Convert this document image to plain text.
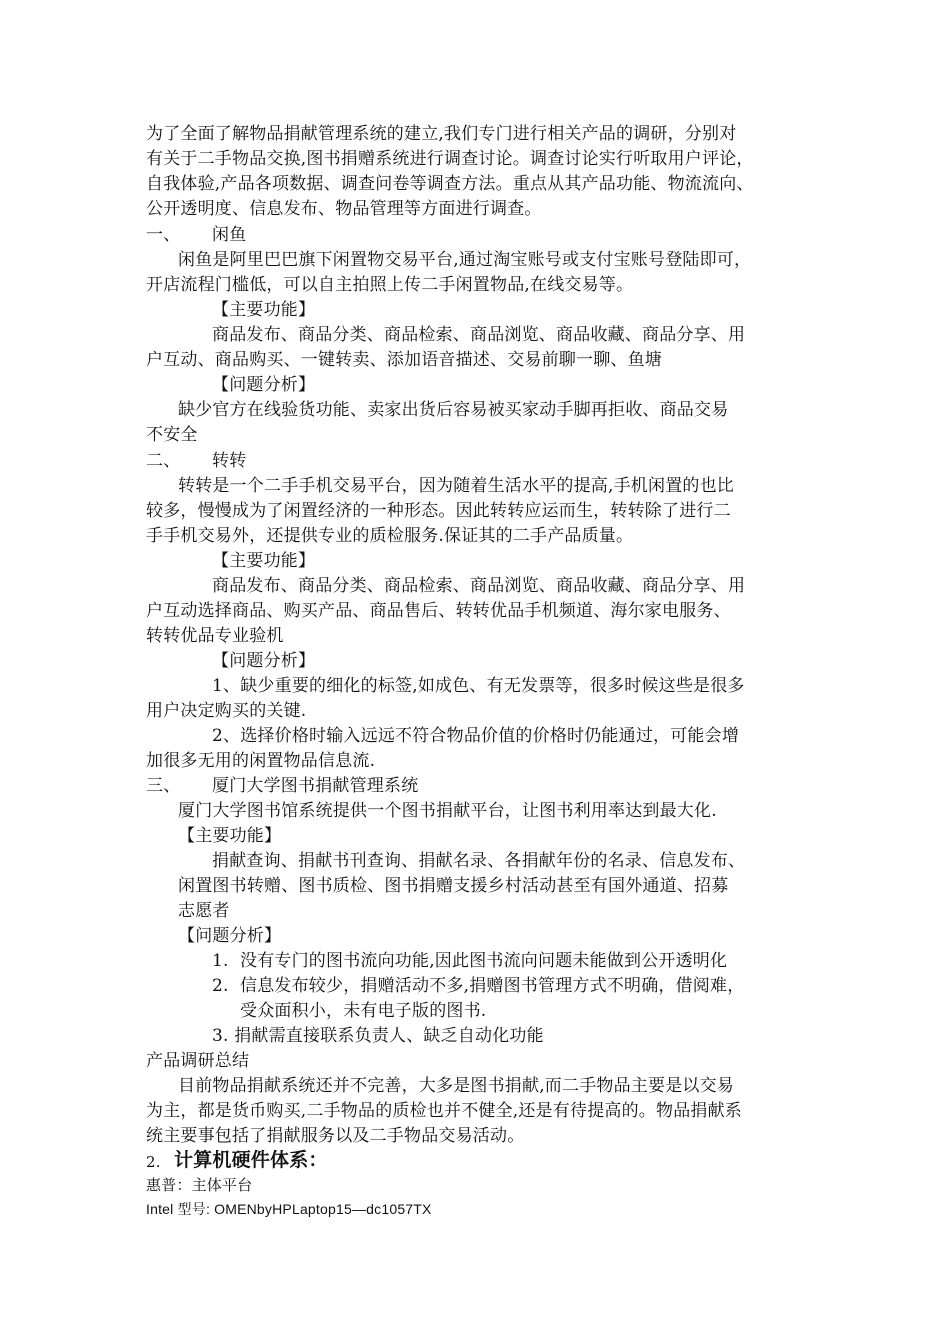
为了全面了解物品捐献管理系统的建立,我们专门进行相关产品的调研，分别对
有关于二手物品交换,图书捐赠系统进行调查讨论。调查讨论实行听取用户评论，
自我体验,产品各项数据、调查问卷等调查方法。重点从其产品功能、物流流向、
公开透明度、信息发布、物品管理等方面进行调查。
一、 闲鱼
闲鱼是阿里巴巴旗下闲置物交易平台,通过淘宝账号或支付宝账号登陆即可，
开店流程门槛低，可以自主拍照上传二手闲置物品,在线交易等。
【主要功能】
商品发布、商品分类、商品检索、商品浏览、商品收藏、商品分享、用
户互动、商品购买、一键转卖、添加语音描述、交易前聊一聊、鱼塘
【问题分析】
缺少官方在线验货功能、卖家出货后容易被买家动手脚再拒收、商品交易
不安全
二、 转转
转转是一个二手手机交易平台，因为随着生活水平的提高,手机闲置的也比
较多，慢慢成为了闲置经济的一种形态。因此转转应运而生，转转除了进行二
手手机交易外，还提供专业的质检服务.保证其的二手产品质量。
【主要功能】
商品发布、商品分类、商品检索、商品浏览、商品收藏、商品分享、用
户互动选择商品、购买产品、商品售后、转转优品手机频道、海尔家电服务、
转转优品专业验机
【问题分析】
1、缺少重要的细化的标签,如成色、有无发票等，很多时候这些是很多
用户决定购买的关键.
2、选择价格时输入远远不符合物品价值的价格时仍能通过，可能会增
加很多无用的闲置物品信息流.
三、 厦门大学图书捐献管理系统
厦门大学图书馆系统提供一个图书捐献平台，让图书利用率达到最大化.
【主要功能】
捐献查询、捐献书刊查询、捐献名录、各捐献年份的名录、信息发布、
闲置图书转赠、图书质检、图书捐赠支援乡村活动甚至有国外通道、招募
志愿者
【问题分析】
1. 没有专门的图书流向功能,因此图书流向问题未能做到公开透明化
2. 信息发布较少，捐赠活动不多,捐赠图书管理方式不明确，借阅难，
受众面积小，未有电子版的图书.
3. 捐献需直接联系负责人、缺乏自动化功能
产品调研总结
目前物品捐献系统还并不完善，大多是图书捐献,而二手物品主要是以交易
为主，都是货币购买,二手物品的质检也并不健全,还是有待提高的。物品捐献系
统主要事包括了捐献服务以及二手物品交易活动。
2. 计算机硬件体系：
惠普：主体平台
Intel 型号: OMENbyHPLaptop15—dc1057TX
